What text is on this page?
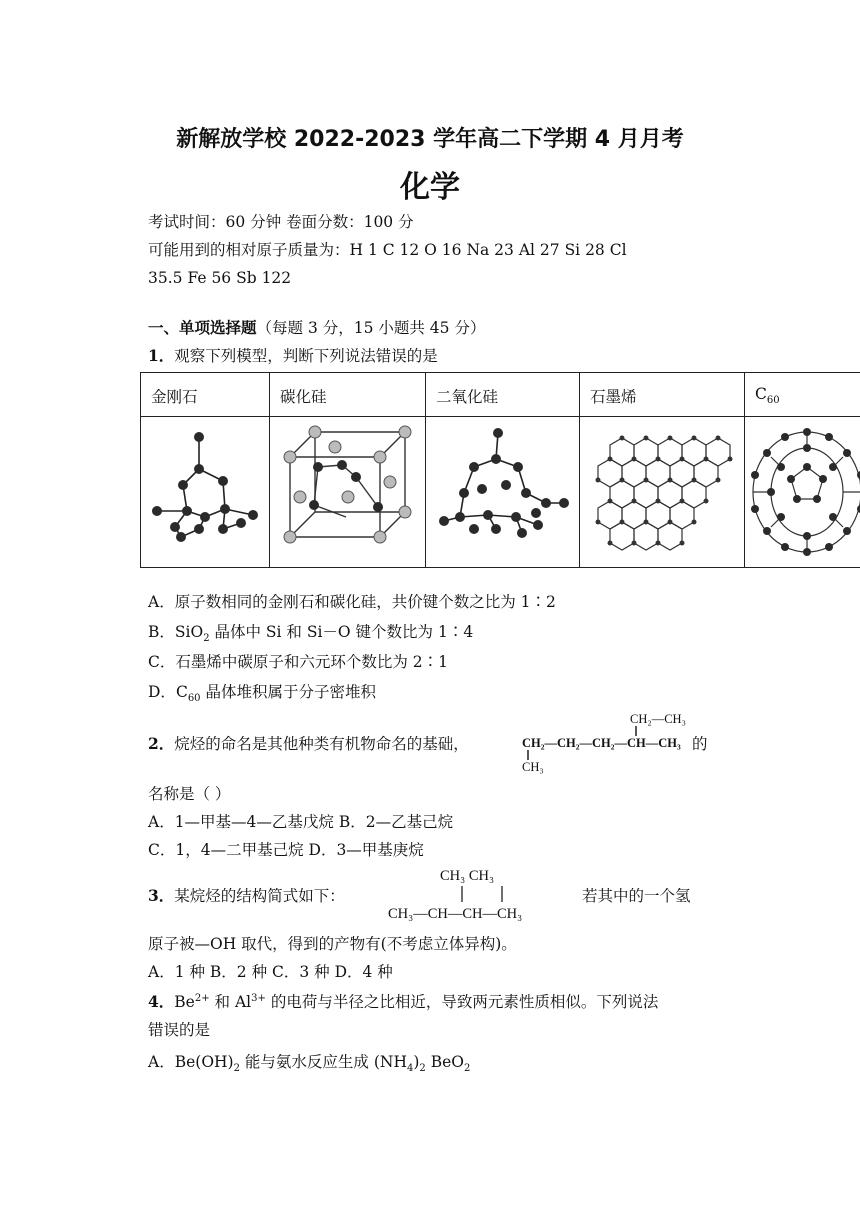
新解放学校 2022-2023 学年高二下学期 4 月月考
化学
考试时间：60 分钟 卷面分数：100 分
可能用到的相对原子质量为：H 1 C 12 O 16 Na 23 Al 27 Si 28 Cl
35.5 Fe 56 Sb 122
一、单项选择题（每题 3 分，15 小题共 45 分）
1．观察下列模型，判断下列说法错误的是
金刚石	碳化硅	二氧化硅	石墨烯	$C_{60}$

A．原子数相同的金刚石和碳化硅，共价键个数之比为 1∶2
B．SiO$_2$ 晶体中 Si 和 Si－O 键个数比为 1∶4
C．石墨烯中碳原子和六元环个数比为 2∶1
D．$C_{60}$ 晶体堆积属于分子密堆积
2．烷烃的命名是其他种类有机物命名的基础，
CH₂—CH₃
CH₂—CH₂—CH₂—CH—CH₃
CH₃
的
名称是（ ）
A．1—甲基—4—乙基戊烷 B．2—乙基己烷
C．1，4—二甲基己烷 D．3—甲基庚烷
3．某烷烃的结构简式如下：
CH₃ CH₃
CH₃—CH—CH—CH₃
若其中的一个氢
原子被—OH 取代，得到的产物有(不考虑立体异构)。
A．1 种 B．2 种 C．3 种 D．4 种
4．$Be^{2+}$ 和 $Al^{3+}$ 的电荷与半径之比相近，导致两元素性质相似。下列说法
错误的是
A．$Be(OH)_2$ 能与氨水反应生成 $(NH_4)_2$ BeO$_2$
